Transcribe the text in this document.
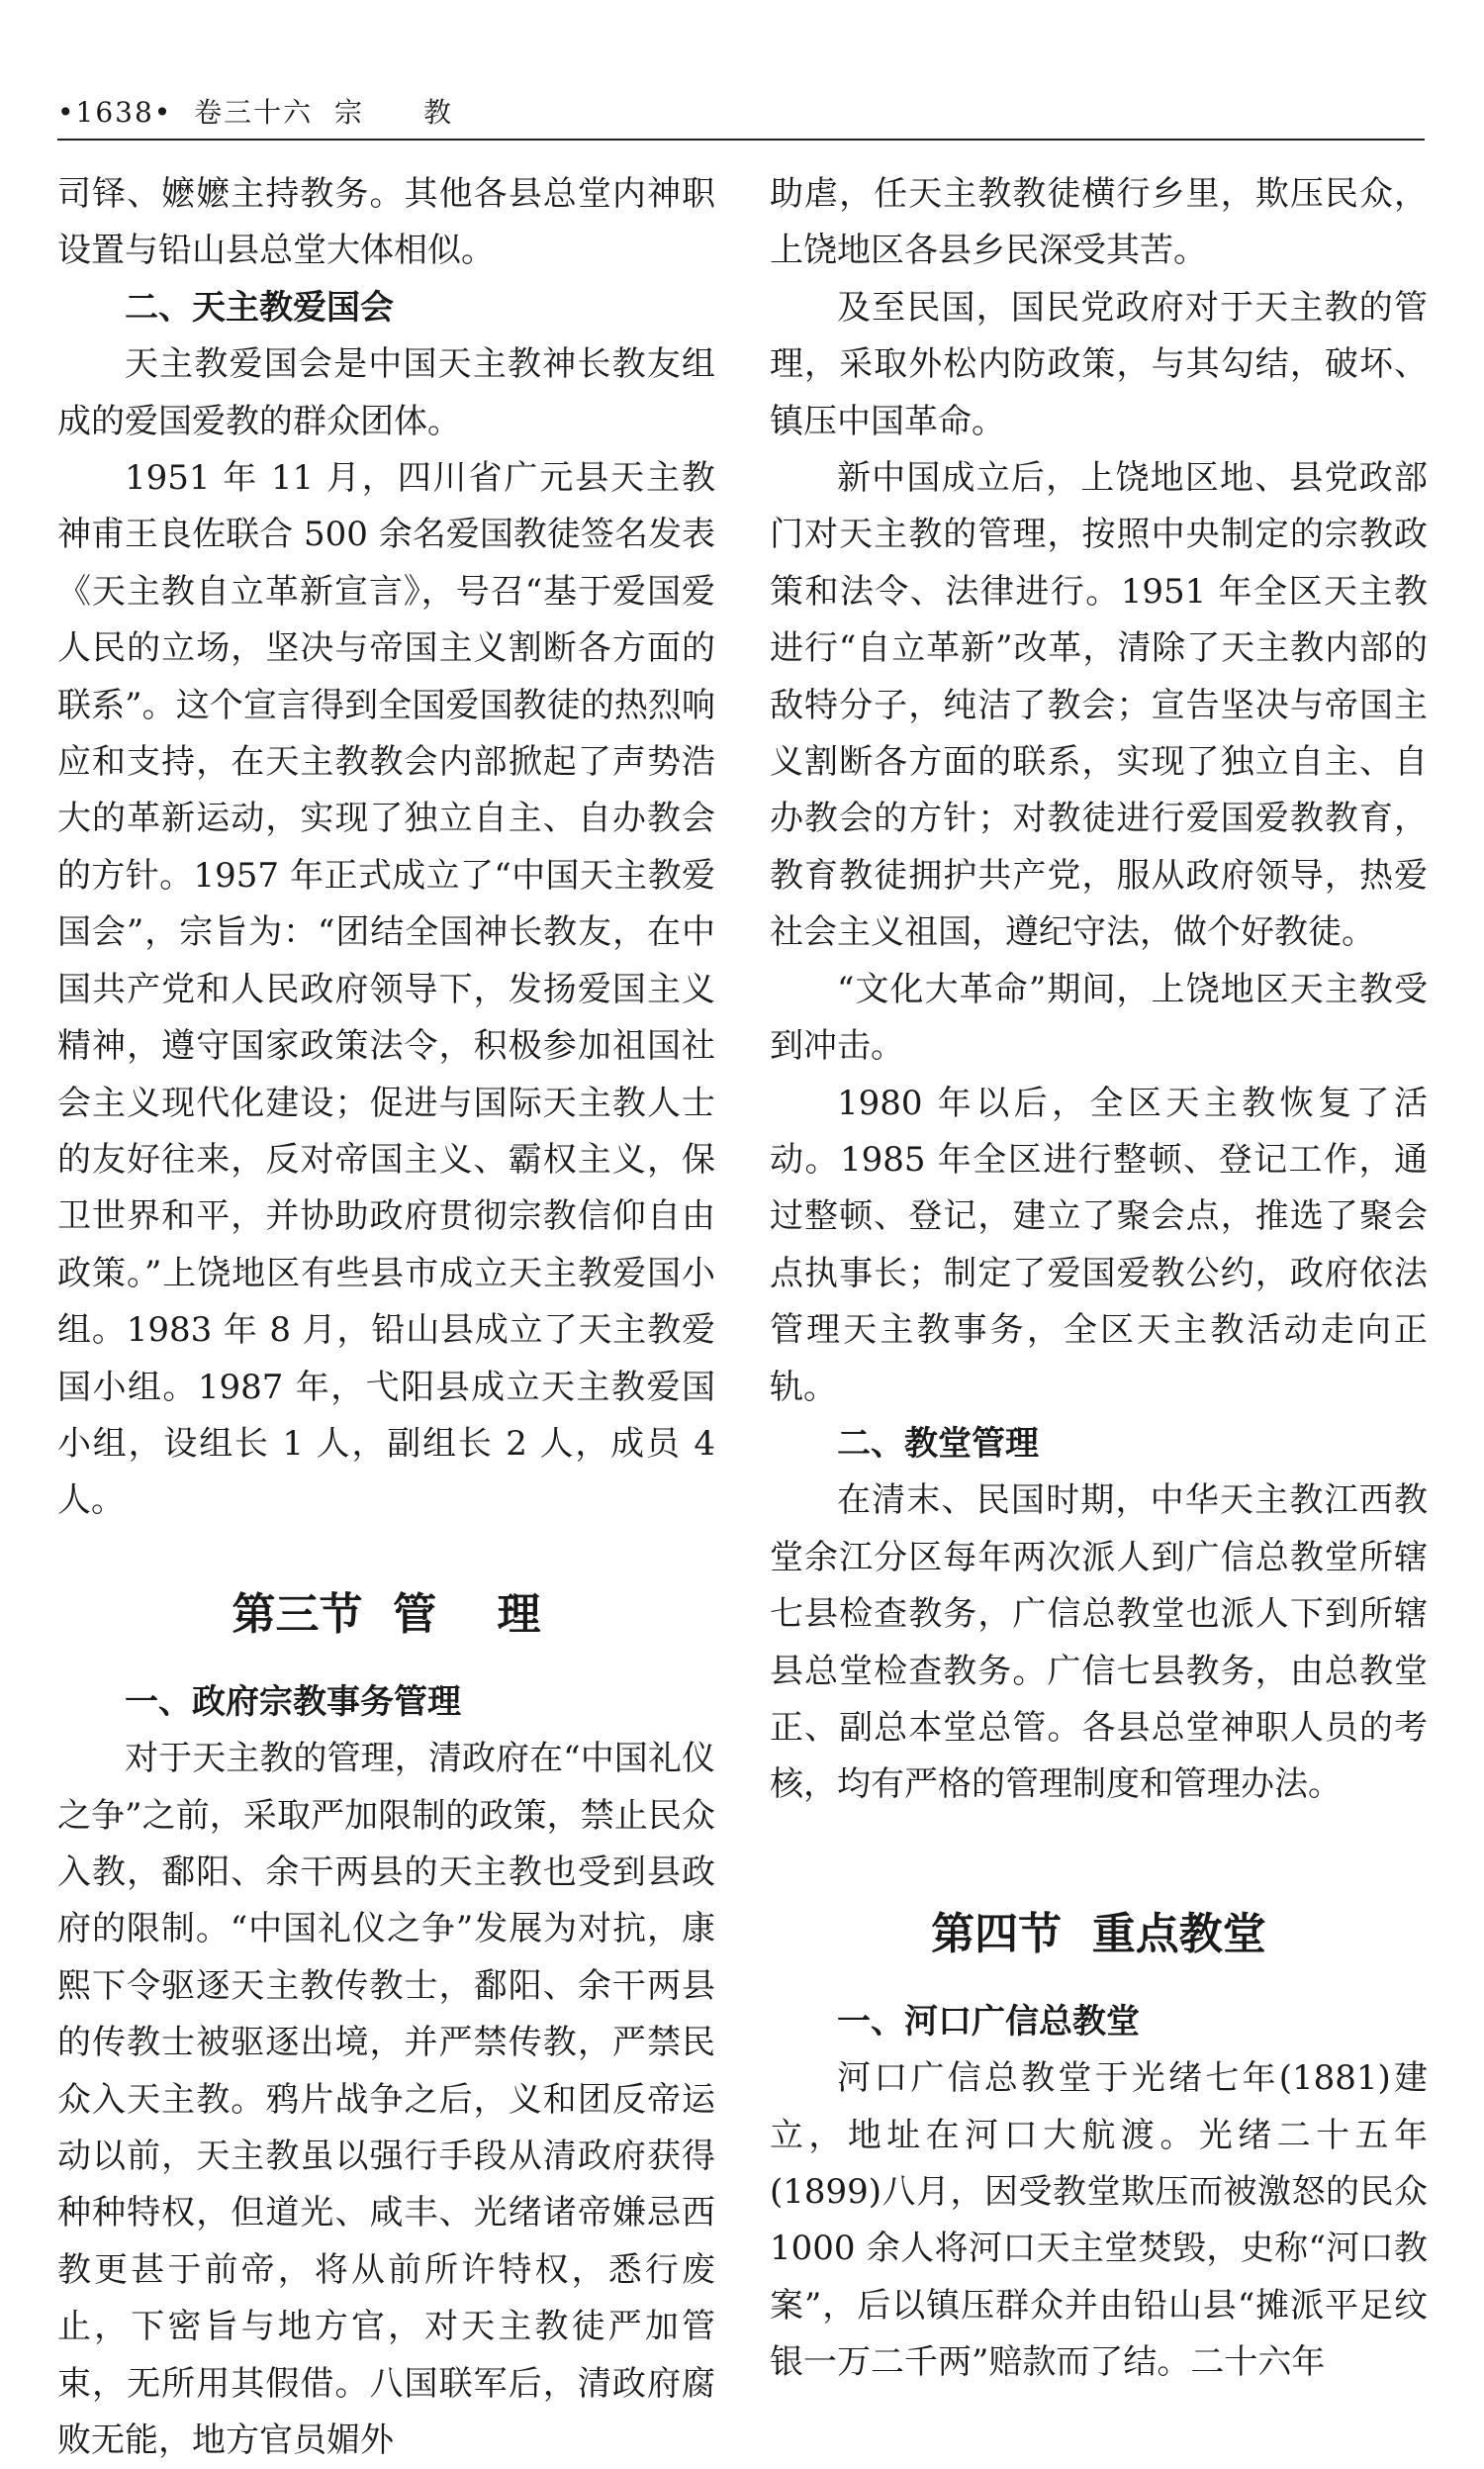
•1638• 卷三十六 宗　　教

司铎、嬷嬷主持教务。其他各县总堂内神职设置与铅山县总堂大体相似。

二、天主教爱国会

天主教爱国会是中国天主教神长教友组成的爱国爱教的群众团体。

1951 年 11 月，四川省广元县天主教神甫王良佐联合 500 余名爱国教徒签名发表《天主教自立革新宣言》，号召“基于爱国爱人民的立场，坚决与帝国主义割断各方面的联系”。这个宣言得到全国爱国教徒的热烈响应和支持，在天主教教会内部掀起了声势浩大的革新运动，实现了独立自主、自办教会的方针。1957 年正式成立了“中国天主教爱国会”，宗旨为：“团结全国神长教友，在中国共产党和人民政府领导下，发扬爱国主义精神，遵守国家政策法令，积极参加祖国社会主义现代化建设；促进与国际天主教人士的友好往来，反对帝国主义、霸权主义，保卫世界和平，并协助政府贯彻宗教信仰自由政策。”上饶地区有些县市成立天主教爱国小组。1983 年 8 月，铅山县成立了天主教爱国小组。1987 年，弋阳县成立天主教爱国小组，设组长 1 人，副组长 2 人，成员 4 人。

第三节  管    理
一、政府宗教事务管理

对于天主教的管理，清政府在“中国礼仪之争”之前，采取严加限制的政策，禁止民众入教，鄱阳、余干两县的天主教也受到县政府的限制。“中国礼仪之争”发展为对抗，康熙下令驱逐天主教传教士，鄱阳、余干两县的传教士被驱逐出境，并严禁传教，严禁民众入天主教。鸦片战争之后，义和团反帝运动以前，天主教虽以强行手段从清政府获得种种特权，但道光、咸丰、光绪诸帝嫌忌西教更甚于前帝，将从前所许特权，悉行废止，下密旨与地方官，对天主教徒严加管束，无所用其假借。八国联军后，清政府腐败无能，地方官员媚外

助虐，任天主教教徒横行乡里，欺压民众，上饶地区各县乡民深受其苦。

及至民国，国民党政府对于天主教的管理，采取外松内防政策，与其勾结，破坏、镇压中国革命。

新中国成立后，上饶地区地、县党政部门对天主教的管理，按照中央制定的宗教政策和法令、法律进行。1951 年全区天主教进行“自立革新”改革，清除了天主教内部的敌特分子，纯洁了教会；宣告坚决与帝国主义割断各方面的联系，实现了独立自主、自办教会的方针；对教徒进行爱国爱教教育，教育教徒拥护共产党，服从政府领导，热爱社会主义祖国，遵纪守法，做个好教徒。

“文化大革命”期间，上饶地区天主教受到冲击。

1980 年以后，全区天主教恢复了活动。1985 年全区进行整顿、登记工作，通过整顿、登记，建立了聚会点，推选了聚会点执事长；制定了爱国爱教公约，政府依法管理天主教事务，全区天主教活动走向正轨。

二、教堂管理

在清末、民国时期，中华天主教江西教堂余江分区每年两次派人到广信总教堂所辖七县检查教务，广信总教堂也派人下到所辖县总堂检查教务。广信七县教务，由总教堂正、副总本堂总管。各县总堂神职人员的考核，均有严格的管理制度和管理办法。

第四节  重点教堂
一、河口广信总教堂

河口广信总教堂于光绪七年(1881)建立，地址在河口大航渡。光绪二十五年(1899)八月，因受教堂欺压而被激怒的民众 1000 余人将河口天主堂焚毁，史称“河口教案”，后以镇压群众并由铅山县“摊派平足纹银一万二千两”赔款而了结。二十六年
